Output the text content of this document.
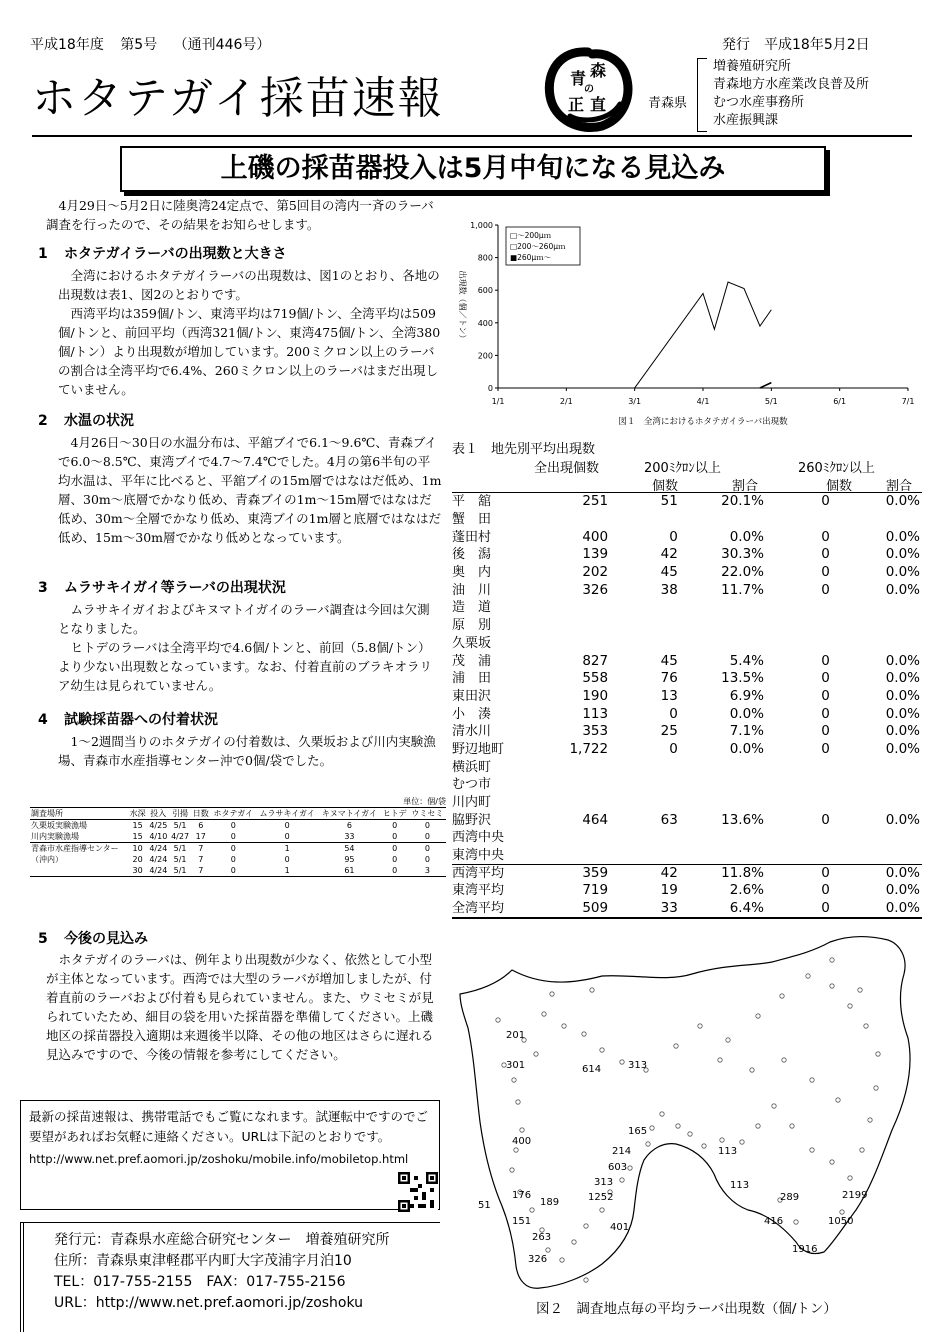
平成18年度 第5号 （通刊446号）	発行　平成18年5月2日
ホタテガイ採苗速報	青 森
の
正 直	青森県
増養殖研究所
青森地方水産業改良普及所
むつ水産事務所
水産振興課
上磯の採苗器投入は5月中旬になる見込み
4月29日～5月2日に陸奥湾24定点で、第5回目の湾内一斉のラーバ調査を行ったので、その結果をお知らせします。
1 ホタテガイラーバの出現数と大きさ

全湾におけるホタテガイラーバの出現数は、図1のとおり、各地の出現数は表1、図2のとおりです。

西湾平均は359個/トン、東湾平均は719個/トン、全湾平均は509個/トンと、前回平均（西湾321個/トン、東湾475個/トン、全湾380個/トン）より出現数が増加しています。200ミクロン以上のラーバの割合は全湾平均で6.4%、260ミクロン以上のラーバはまだ出現していません。

2 水温の状況

4月26日～30日の水温分布は、平舘ブイで6.1～9.6℃、青森ブイで6.0～8.5℃、東湾ブイで4.7～7.4℃でした。4月の第6半旬の平均水温は、平年に比べると、平舘ブイの15m層ではなはだ低め、1m層、30m～底層でかなり低め、青森ブイの1m～15m層ではなはだ低め、30m～全層でかなり低め、東湾ブイの1m層と底層ではなはだ低め、15m～30m層でかなり低めとなっています。

3 ムラサキイガイ等ラーバの出現状況

ムラサキイガイおよびキヌマトイガイのラーバ調査は今回は欠測となりました。

ヒトデのラーバは全湾平均で4.6個/トンと、前回（5.8個/トン）より少ない出現数となっています。なお、付着直前のブラキオラリア幼生は見られていません。

4 試験採苗器への付着状況

1～2週間当りのホタテガイの付着数は、久栗坂および川内実験漁場、青森市水産指導センター沖で0個/袋でした。

単位：個/袋
調査場所	水深	投入	引揚	日数	ホタテガイ	ムラサキイガイ	キヌマトイガイ	ヒトデ	ウミセミ
久栗坂実験漁場	15	4/25	5/1	6	0	0	6	0	0
川内実験漁場	15	4/10	4/27	17	0	0	33	0	0
青森市水産指導センター	10	4/24	5/1	7	0	1	54	0	0
（沖内）	20	4/24	5/1	7	0	0	95	0	0
	30	4/24	5/1	7	0	1	61	0	3
5 今後の見込み

ホタテガイのラーバは、例年より出現数が少なく、依然として小型が主体となっています。西湾では大型のラーバが増加しましたが、付着直前のラーバおよび付着も見られていません。また、ウミセミが見られていたため、細目の袋を用いた採苗器を準備してください。上磯地区の採苗器投入適期は来週後半以降、その他の地区はさらに遅れる見込みですので、今後の情報を参考にしてください。

最新の採苗速報は、携帯電話でもご覧になれます。試運転中ですのでご要望があればお気軽に連絡ください。URLは下記のとおりです。
http://www.net.pref.aomori.jp/zoshoku/mobile.info/mobiletop.html
発行元：青森県水産総合研究センター　増養殖研究所
住所：青森県東津軽郡平内町大字茂浦字月泊10
TEL：017-755-2155　FAX：017-755-2156
URL：http://www.net.pref.aomori.jp/zoshoku
0
200
400
600
800
1,000
1/1	2/1	3/1	4/1	5/1	6/1	7/1
出現数（個／トン）
図１　全湾におけるホタテガイラーバ出現数
□～200μｍ
□200～260μｍ
■260μｍ～
表１　地先別平均出現数
全出現個数	200ﾐｸﾛﾝ以上	260ﾐｸﾛﾝ以上
個数	割合	個数	割合
平　舘	251	51	20.1%	0	0.0%
蟹　田					
蓬田村	400	0	0.0%	0	0.0%
後　潟	139	42	30.3%	0	0.0%
奥　内	202	45	22.0%	0	0.0%
油　川	326	38	11.7%	0	0.0%
造　道					
原　別					
久栗坂					
茂　浦	827	45	5.4%	0	0.0%
浦　田	558	76	13.5%	0	0.0%
東田沢	190	13	6.9%	0	0.0%
小　湊	113	0	0.0%	0	0.0%
清水川	353	25	7.1%	0	0.0%
野辺地町	1,722	0	0.0%	0	0.0%
横浜町					
むつ市					
川内町					
脇野沢	464	63	13.6%	0	0.0%
西湾中央					
東湾中央					
西湾平均	359	42	11.8%	0	0.0%
東湾平均	719	19	2.6%	0	0.0%
全湾平均	509	33	6.4%	0	0.0%
201
301	614	313
400
165
214
603
113
313	113
1252
176
189
151
51
263
326
401
289
416
2199
1050
1916
図２　調査地点毎の平均ラーバ出現数（個/トン）
